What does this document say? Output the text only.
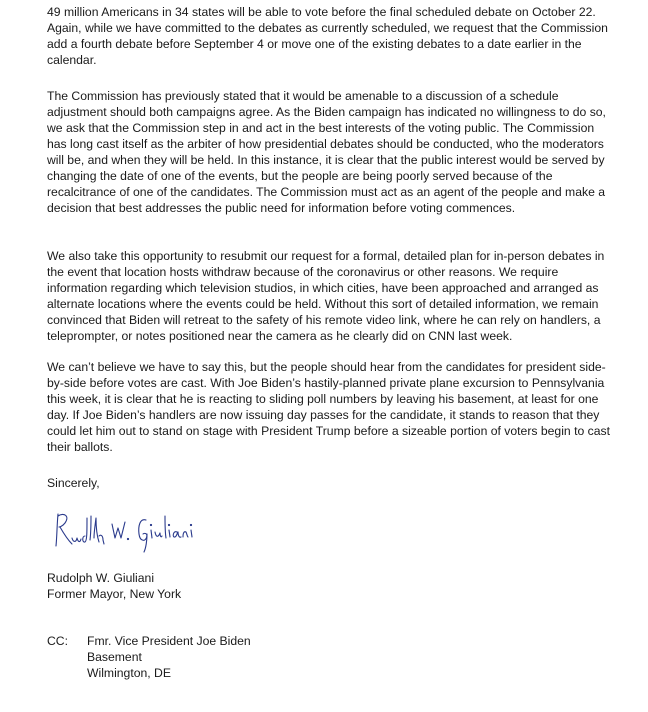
49 million Americans in 34 states will be able to vote before the final scheduled debate on October 22. Again, while we have committed to the debates as currently scheduled, we request that the Commission add a fourth debate before September 4 or move one of the existing debates to a date earlier in the calendar.

The Commission has previously stated that it would be amenable to a discussion of a schedule adjustment should both campaigns agree. As the Biden campaign has indicated no willingness to do so, we ask that the Commission step in and act in the best interests of the voting public. The Commission has long cast itself as the arbiter of how presidential debates should be conducted, who the moderators will be, and when they will be held. In this instance, it is clear that the public interest would be served by changing the date of one of the events, but the people are being poorly served because of the recalcitrance of one of the candidates. The Commission must act as an agent of the people and make a decision that best addresses the public need for information before voting commences.

We also take this opportunity to resubmit our request for a formal, detailed plan for in-person debates in the event that location hosts withdraw because of the coronavirus or other reasons. We require information regarding which television studios, in which cities, have been approached and arranged as alternate locations where the events could be held. Without this sort of detailed information, we remain convinced that Biden will retreat to the safety of his remote video link, where he can rely on handlers, a teleprompter, or notes positioned near the camera as he clearly did on CNN last week.

We can’t believe we have to say this, but the people should hear from the candidates for president side-by-side before votes are cast. With Joe Biden’s hastily-planned private plane excursion to Pennsylvania this week, it is clear that he is reacting to sliding poll numbers by leaving his basement, at least for one day. If Joe Biden’s handlers are now issuing day passes for the candidate, it stands to reason that they could let him out to stand on stage with President Trump before a sizeable portion of voters begin to cast their ballots.

Sincerely,

Rudolph W. Giuliani
Former Mayor, New York

CC: Fmr. Vice President Joe Biden
Basement
Wilmington, DE
